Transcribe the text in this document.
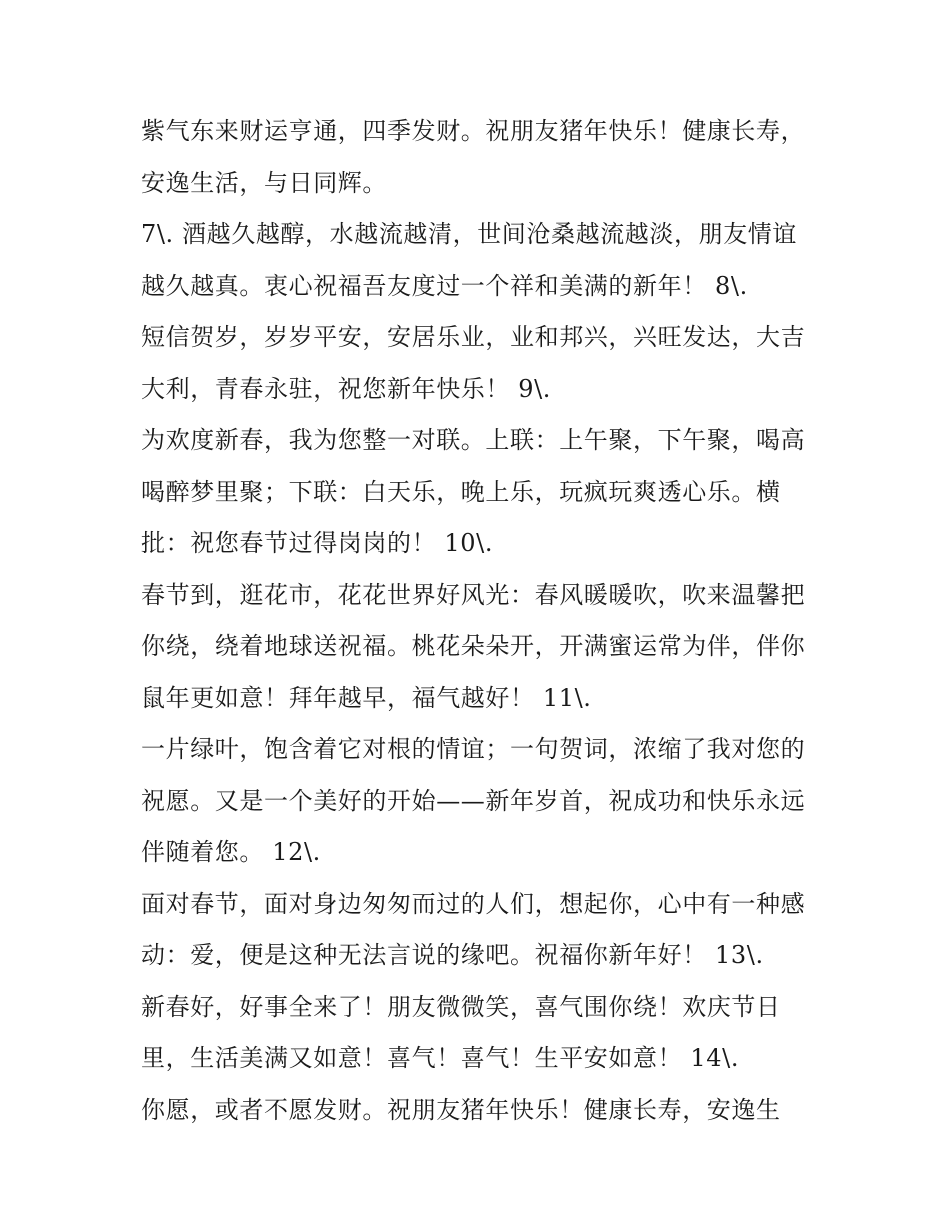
紫气东来财运亨通，四季发财。祝朋友猪年快乐！健康长寿，
安逸生活，与日同辉。
7\. 酒越久越醇，水越流越清，世间沧桑越流越淡，朋友情谊
越久越真。衷心祝福吾友度过一个祥和美满的新年！ 8\.
短信贺岁，岁岁平安，安居乐业，业和邦兴，兴旺发达，大吉
大利，青春永驻，祝您新年快乐！ 9\.
为欢度新春，我为您整一对联。上联：上午聚，下午聚，喝高
喝醉梦里聚；下联：白天乐，晚上乐，玩疯玩爽透心乐。横
批：祝您春节过得岗岗的！ 10\.
春节到，逛花市，花花世界好风光：春风暖暖吹，吹来温馨把
你绕，绕着地球送祝福。桃花朵朵开，开满蜜运常为伴，伴你
鼠年更如意！拜年越早，福气越好！ 11\.
一片绿叶，饱含着它对根的情谊；一句贺词，浓缩了我对您的
祝愿。又是一个美好的开始——新年岁首，祝成功和快乐永远
伴随着您。 12\.
面对春节，面对身边匆匆而过的人们，想起你，心中有一种感
动：爱，便是这种无法言说的缘吧。祝福你新年好！ 13\.
新春好，好事全来了！朋友微微笑，喜气围你绕！欢庆节日
里，生活美满又如意！喜气！喜气！生平安如意！ 14\.
你愿，或者不愿发财。祝朋友猪年快乐！健康长寿，安逸生
